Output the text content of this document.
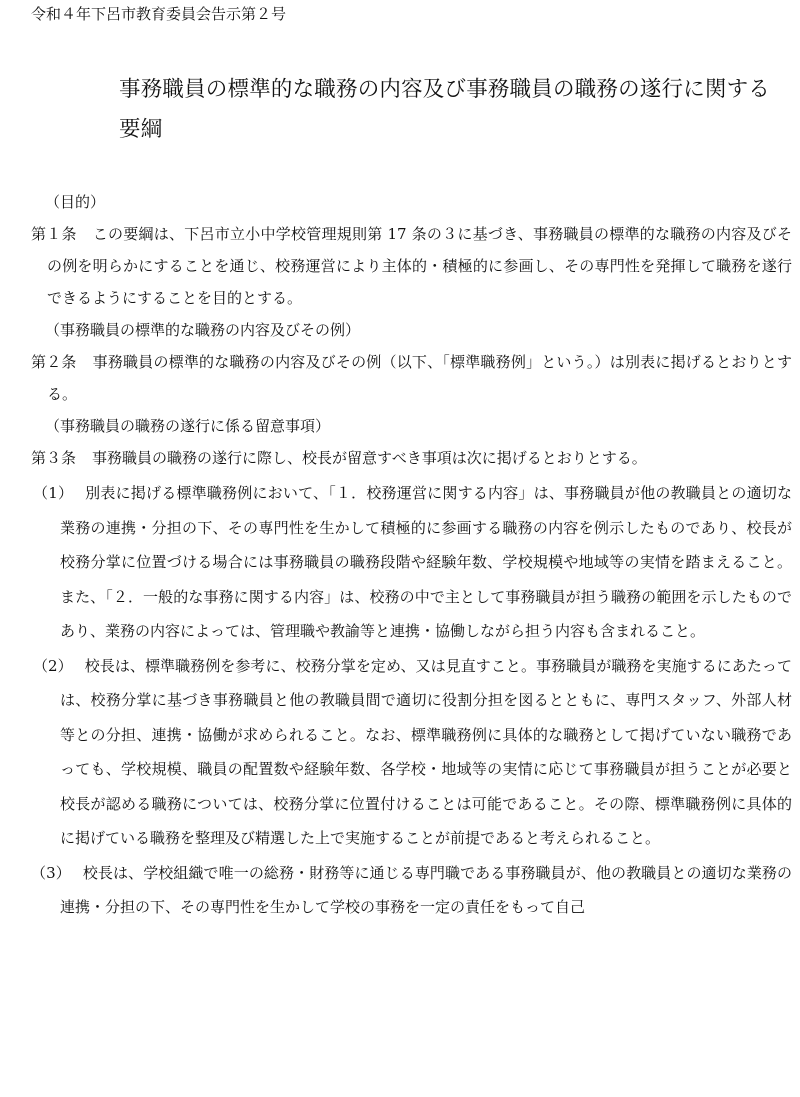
令和４年下呂市教育委員会告示第２号

事務職員の標準的な職務の内容及び事務職員の職務の遂行に関する要綱

（目的）

第１条 この要綱は、下呂市立小中学校管理規則第 17 条の３に基づき、事務職員の標準的な職務の内容及びその例を明らかにすることを通じ、校務運営により主体的・積極的に参画し、その専門性を発揮して職務を遂行できるようにすることを目的とする。

（事務職員の標準的な職務の内容及びその例）

第２条 事務職員の標準的な職務の内容及びその例（以下、「標準職務例」という。）は別表に掲げるとおりとする。

（事務職員の職務の遂行に係る留意事項）

第３条 事務職員の職務の遂行に際し、校長が留意すべき事項は次に掲げるとおりとする。

（1） 別表に掲げる標準職務例において、「１．校務運営に関する内容」は、事務職員が他の教職員との適切な業務の連携・分担の下、その専門性を生かして積極的に参画する職務の内容を例示したものであり、校長が校務分掌に位置づける場合には事務職員の職務段階や経験年数、学校規模や地域等の実情を踏まえること。また、「２．一般的な事務に関する内容」は、校務の中で主として事務職員が担う職務の範囲を示したものであり、業務の内容によっては、管理職や教諭等と連携・協働しながら担う内容も含まれること。

（2） 校長は、標準職務例を参考に、校務分掌を定め、又は見直すこと。事務職員が職務を実施するにあたっては、校務分掌に基づき事務職員と他の教職員間で適切に役割分担を図るとともに、専門スタッフ、外部人材等との分担、連携・協働が求められること。なお、標準職務例に具体的な職務として掲げていない職務であっても、学校規模、職員の配置数や経験年数、各学校・地域等の実情に応じて事務職員が担うことが必要と校長が認める職務については、校務分掌に位置付けることは可能であること。その際、標準職務例に具体的に掲げている職務を整理及び精選した上で実施することが前提であると考えられること。

（3） 校長は、学校組織で唯一の総務・財務等に通じる専門職である事務職員が、他の教職員との適切な業務の連携・分担の下、その専門性を生かして学校の事務を一定の責任をもって自己
